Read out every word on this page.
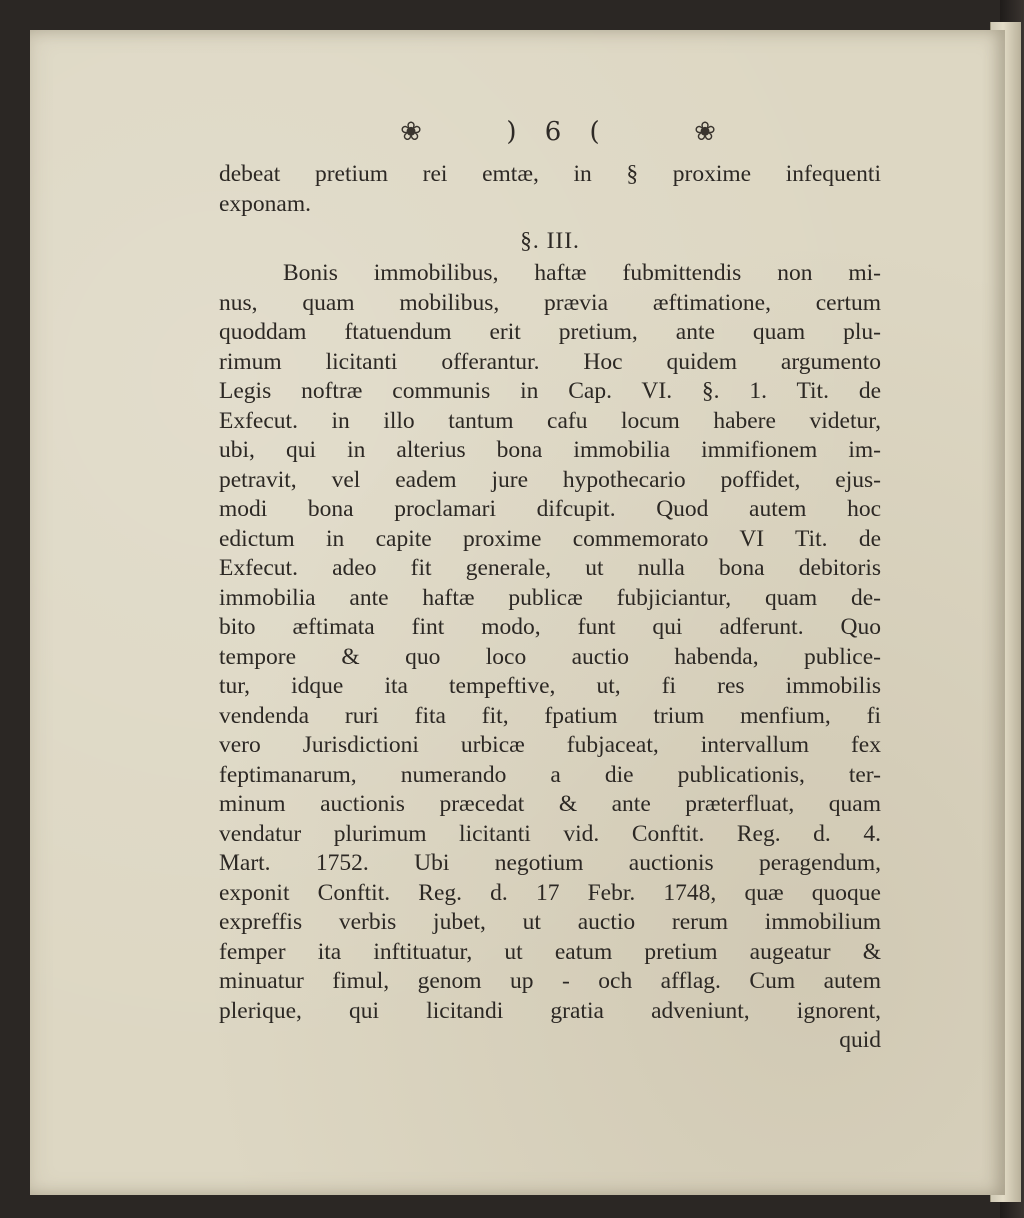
❀	) 6 (	❀
debeat pretium rei emtæ, in § proxime infequenti
exponam.
§. III.
Bonis immobilibus, haftæ fubmittendis non mi-
nus, quam mobilibus, prævia æftimatione, certum
quoddam ftatuendum erit pretium, ante quam plu-
rimum licitanti offerantur. Hoc quidem argumento
Legis noftræ communis in Cap. VI. §. 1. Tit. de
Exfecut. in illo tantum cafu locum habere videtur,
ubi, qui in alterius bona immobilia immifionem im-
petravit, vel eadem jure hypothecario poffidet, ejus-
modi bona proclamari difcupit. Quod autem hoc
edictum in capite proxime commemorato VI Tit. de
Exfecut. adeo fit generale, ut nulla bona debitoris
immobilia ante haftæ publicæ fubjiciantur, quam de-
bito æftimata fint modo, funt qui adferunt. Quo
tempore & quo loco auctio habenda, publice-
tur, idque ita tempeftive, ut, fi res immobilis
vendenda ruri fita fit, fpatium trium menfium, fi
vero Jurisdictioni urbicæ fubjaceat, intervallum fex
feptimanarum, numerando a die publicationis, ter-
minum auctionis præcedat & ante præterfluat, quam
vendatur plurimum licitanti vid. Conftit. Reg. d. 4.
Mart. 1752. Ubi negotium auctionis peragendum,
exponit Conftit. Reg. d. 17 Febr. 1748, quæ quoque
expreffis verbis jubet, ut auctio rerum immobilium
femper ita inftituatur, ut eatum pretium augeatur &
minuatur fimul, genom up - och afflag. Cum autem
plerique, qui licitandi gratia adveniunt, ignorent,
quid
